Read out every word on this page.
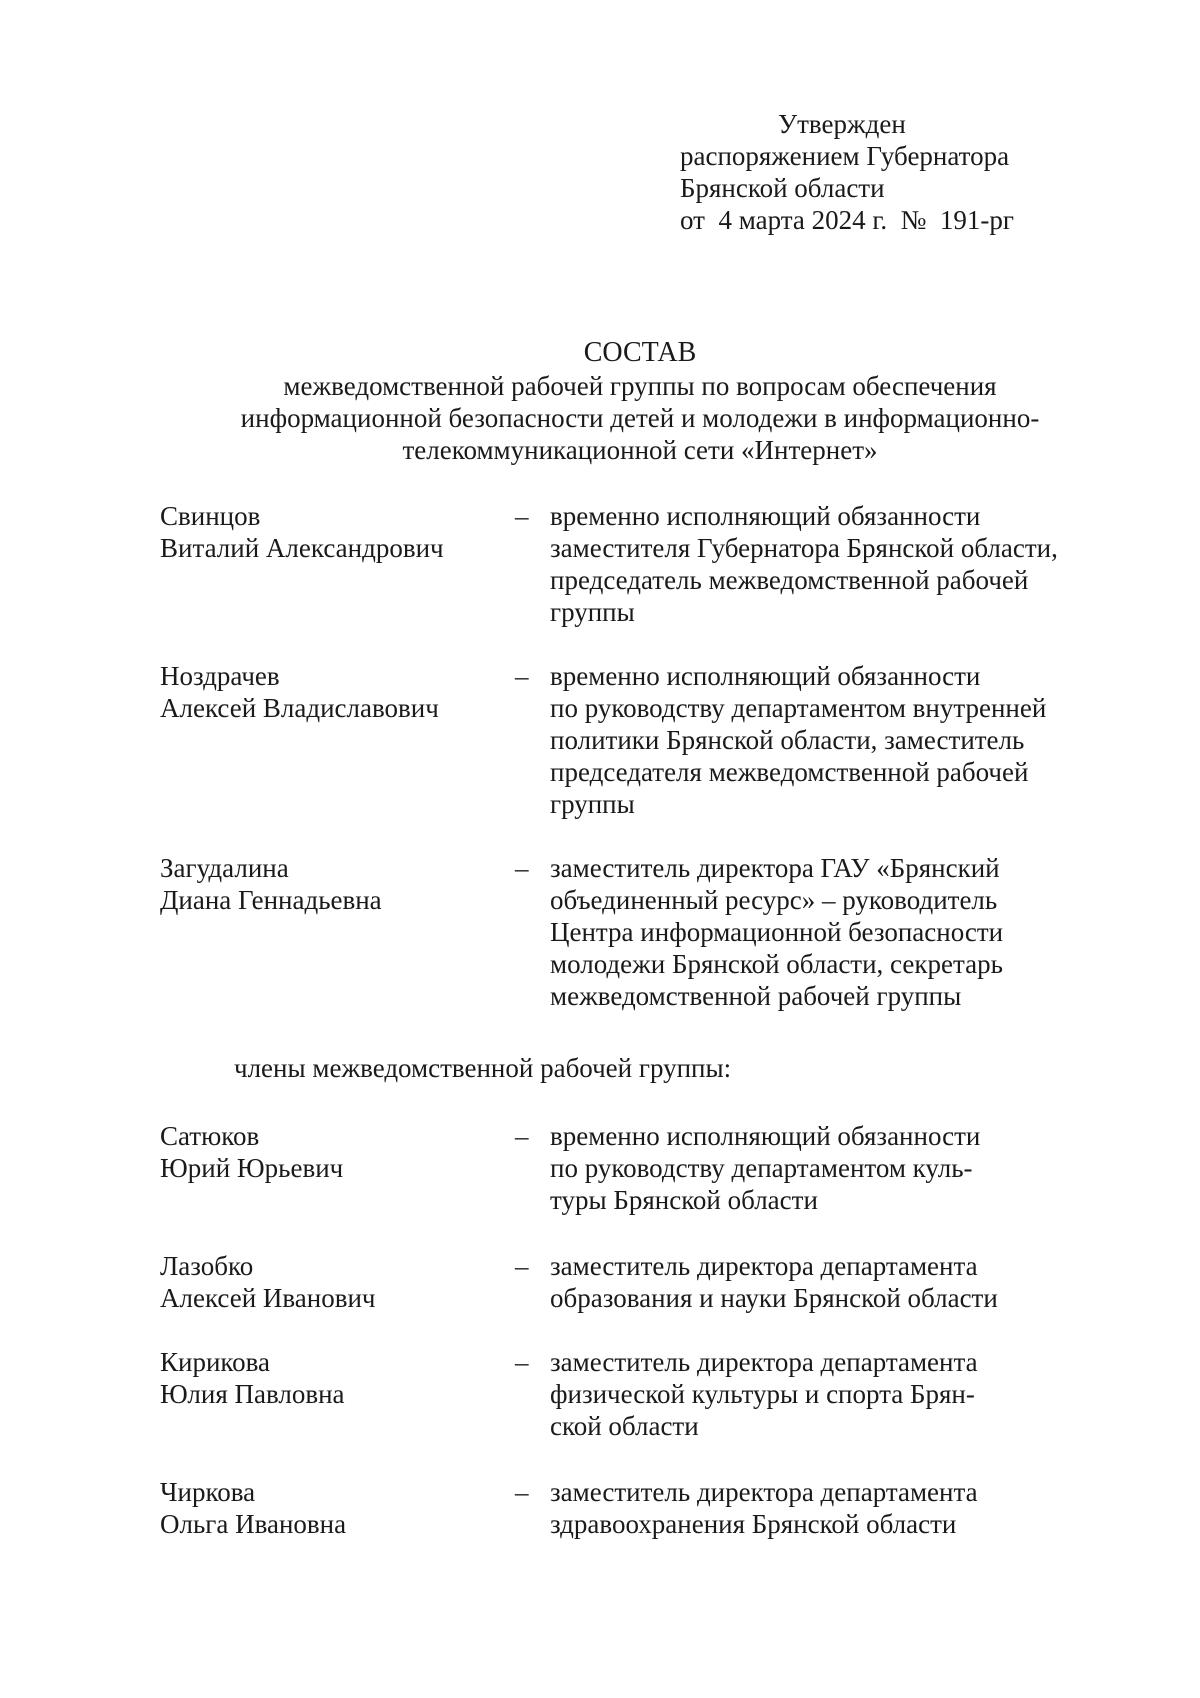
Утвержден
распоряжением Губернатора
Брянской области
от  4 марта 2024 г.  №  191-рг
СОСТАВ
межведомственной рабочей группы по вопросам обеспечения
информационной безопасности детей и молодежи в информационно-
телекоммуникационной сети «Интернет»
Свинцов
Виталий Александрович
– временно исполняющий обязанности
заместителя Губернатора Брянской области,
председатель межведомственной рабочей
группы
Ноздрачев
Алексей Владиславович
– временно исполняющий обязанности
по руководству департаментом внутренней
политики Брянской области, заместитель
председателя межведомственной рабочей
группы
Загудалина
Диана Геннадьевна
– заместитель директора ГАУ «Брянский
объединенный ресурс» – руководитель
Центра информационной безопасности
молодежи Брянской области, секретарь
межведомственной рабочей группы
члены межведомственной рабочей группы:
Сатюков
Юрий Юрьевич
– временно исполняющий обязанности
по руководству департаментом куль-
туры Брянской области
Лазобко
Алексей Иванович
– заместитель директора департамента
образования и науки Брянской области
Кирикова
Юлия Павловна
– заместитель директора департамента
физической культуры и спорта Брян-
ской области
Чиркова
Ольга Ивановна
– заместитель директора департамента
здравоохранения Брянской области
